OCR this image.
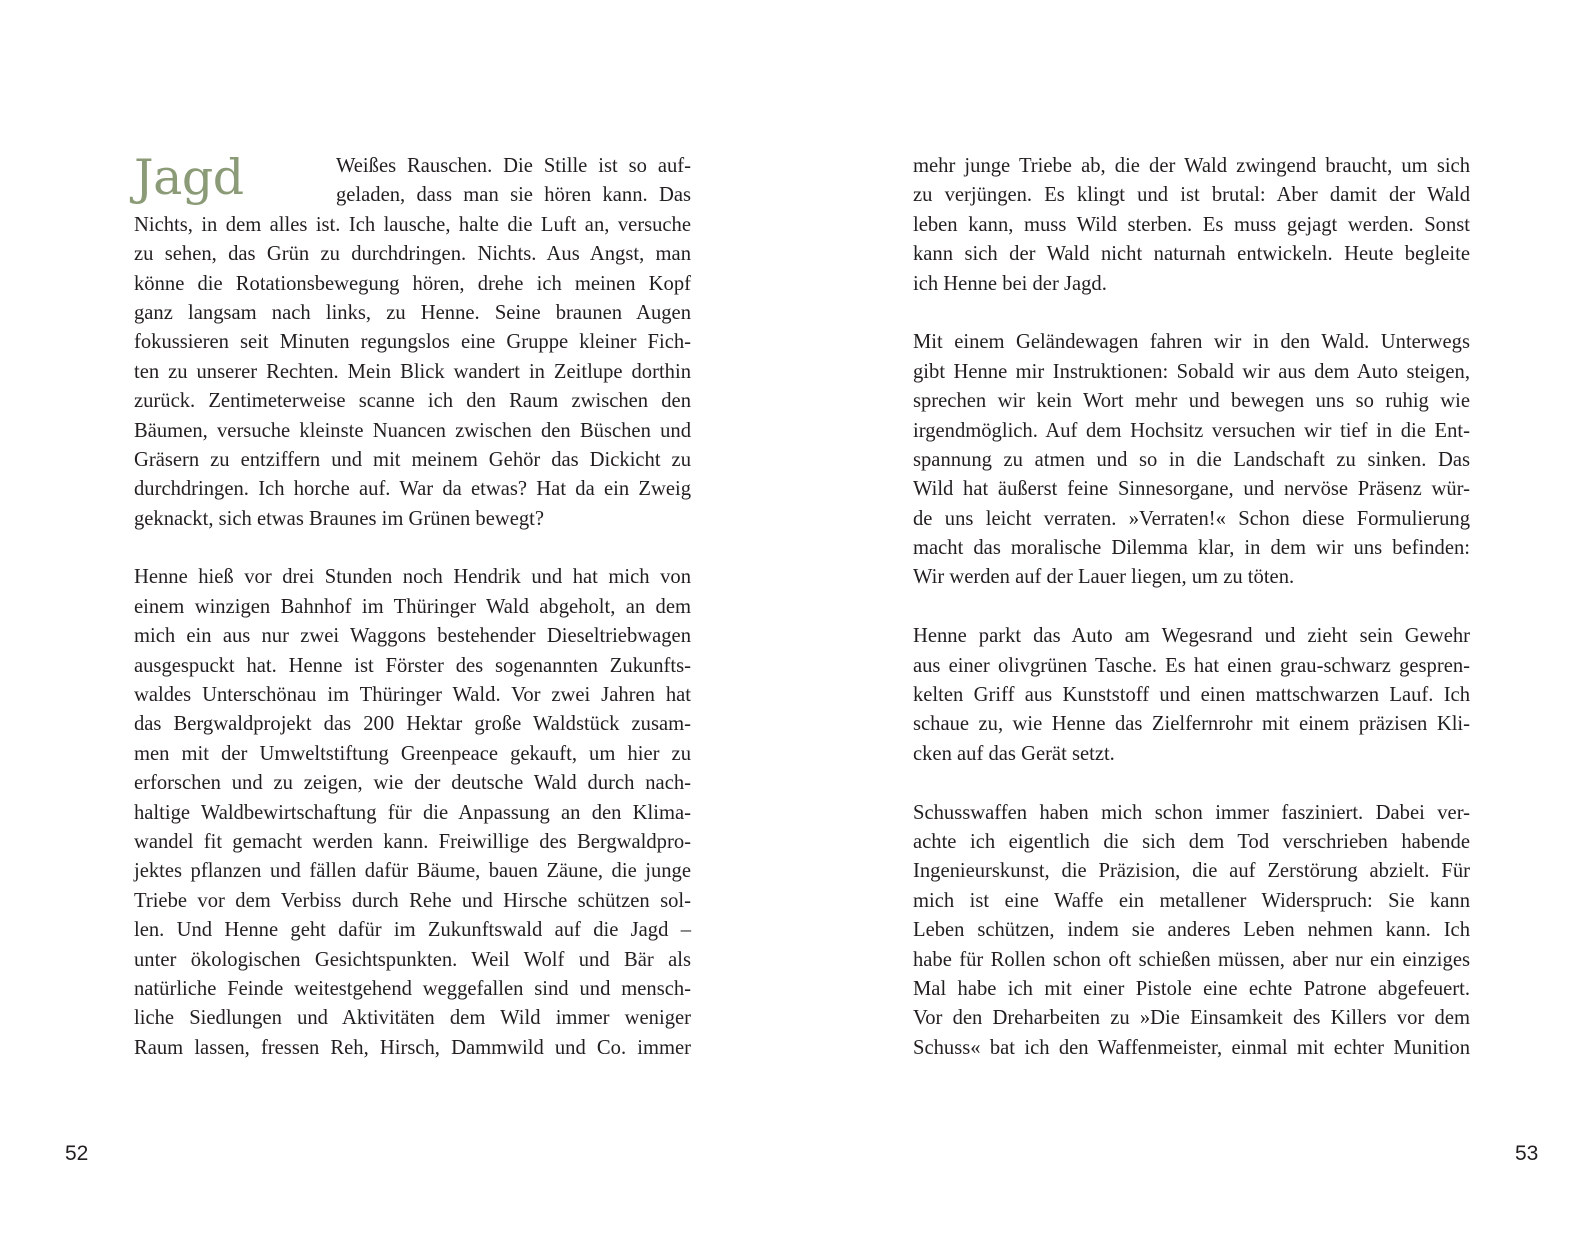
Jagd	Weißes Rauschen. Die Stille ist so auf-
geladen, dass man sie hören kann. Das
Nichts, in dem alles ist. Ich lausche, halte die Luft an, versuche
zu sehen, das Grün zu durchdringen. Nichts. Aus Angst, man
könne die Rotationsbewegung hören, drehe ich meinen Kopf
ganz langsam nach links, zu Henne. Seine braunen Augen
fokussieren seit Minuten regungslos eine Gruppe kleiner Fich-
ten zu unserer Rechten. Mein Blick wandert in Zeitlupe dorthin
zurück. Zentimeterweise scanne ich den Raum zwischen den
Bäumen, versuche kleinste Nuancen zwischen den Büschen und
Gräsern zu entziffern und mit meinem Gehör das Dickicht zu
durchdringen. Ich horche auf. War da etwas? Hat da ein Zweig
geknackt, sich etwas Braunes im Grünen bewegt?
Henne hieß vor drei Stunden noch Hendrik und hat mich von
einem winzigen Bahnhof im Thüringer Wald abgeholt, an dem
mich ein aus nur zwei Waggons bestehender Dieseltriebwagen
ausgespuckt hat. Henne ist Förster des sogenannten Zukunfts-
waldes Unterschönau im Thüringer Wald. Vor zwei Jahren hat
das Bergwaldprojekt das 200 Hektar große Waldstück zusam-
men mit der Umweltstiftung Greenpeace gekauft, um hier zu
erforschen und zu zeigen, wie der deutsche Wald durch nach-
haltige Waldbewirtschaftung für die Anpassung an den Klima-
wandel fit gemacht werden kann. Freiwillige des Bergwaldpro-
jektes pflanzen und fällen dafür Bäume, bauen Zäune, die junge
Triebe vor dem Verbiss durch Rehe und Hirsche schützen sol-
len. Und Henne geht dafür im Zukunftswald auf die Jagd –
unter ökologischen Gesichtspunkten. Weil Wolf und Bär als
natürliche Feinde weitestgehend weggefallen sind und mensch-
liche Siedlungen und Aktivitäten dem Wild immer weniger
Raum lassen, fressen Reh, Hirsch, Dammwild und Co. immer
52
mehr junge Triebe ab, die der Wald zwingend braucht, um sich
zu verjüngen. Es klingt und ist brutal: Aber damit der Wald
leben kann, muss Wild sterben. Es muss gejagt werden. Sonst
kann sich der Wald nicht naturnah entwickeln. Heute begleite
ich Henne bei der Jagd.
Mit einem Geländewagen fahren wir in den Wald. Unterwegs
gibt Henne mir Instruktionen: Sobald wir aus dem Auto steigen,
sprechen wir kein Wort mehr und bewegen uns so ruhig wie
irgendmöglich. Auf dem Hochsitz versuchen wir tief in die Ent-
spannung zu atmen und so in die Landschaft zu sinken. Das
Wild hat äußerst feine Sinnesorgane, und nervöse Präsenz wür-
de uns leicht verraten. »Verraten!« Schon diese Formulierung
macht das moralische Dilemma klar, in dem wir uns befinden:
Wir werden auf der Lauer liegen, um zu töten.
Henne parkt das Auto am Wegesrand und zieht sein Gewehr
aus einer olivgrünen Tasche. Es hat einen grau-schwarz gespren-
kelten Griff aus Kunststoff und einen mattschwarzen Lauf. Ich
schaue zu, wie Henne das Zielfernrohr mit einem präzisen Kli-
cken auf das Gerät setzt.
Schusswaffen haben mich schon immer fasziniert. Dabei ver-
achte ich eigentlich die sich dem Tod verschrieben habende
Ingenieurskunst, die Präzision, die auf Zerstörung abzielt. Für
mich ist eine Waffe ein metallener Widerspruch: Sie kann
Leben schützen, indem sie anderes Leben nehmen kann. Ich
habe für Rollen schon oft schießen müssen, aber nur ein einziges
Mal habe ich mit einer Pistole eine echte Patrone abgefeuert.
Vor den Dreharbeiten zu »Die Einsamkeit des Killers vor dem
Schuss« bat ich den Waffenmeister, einmal mit echter Munition
53
